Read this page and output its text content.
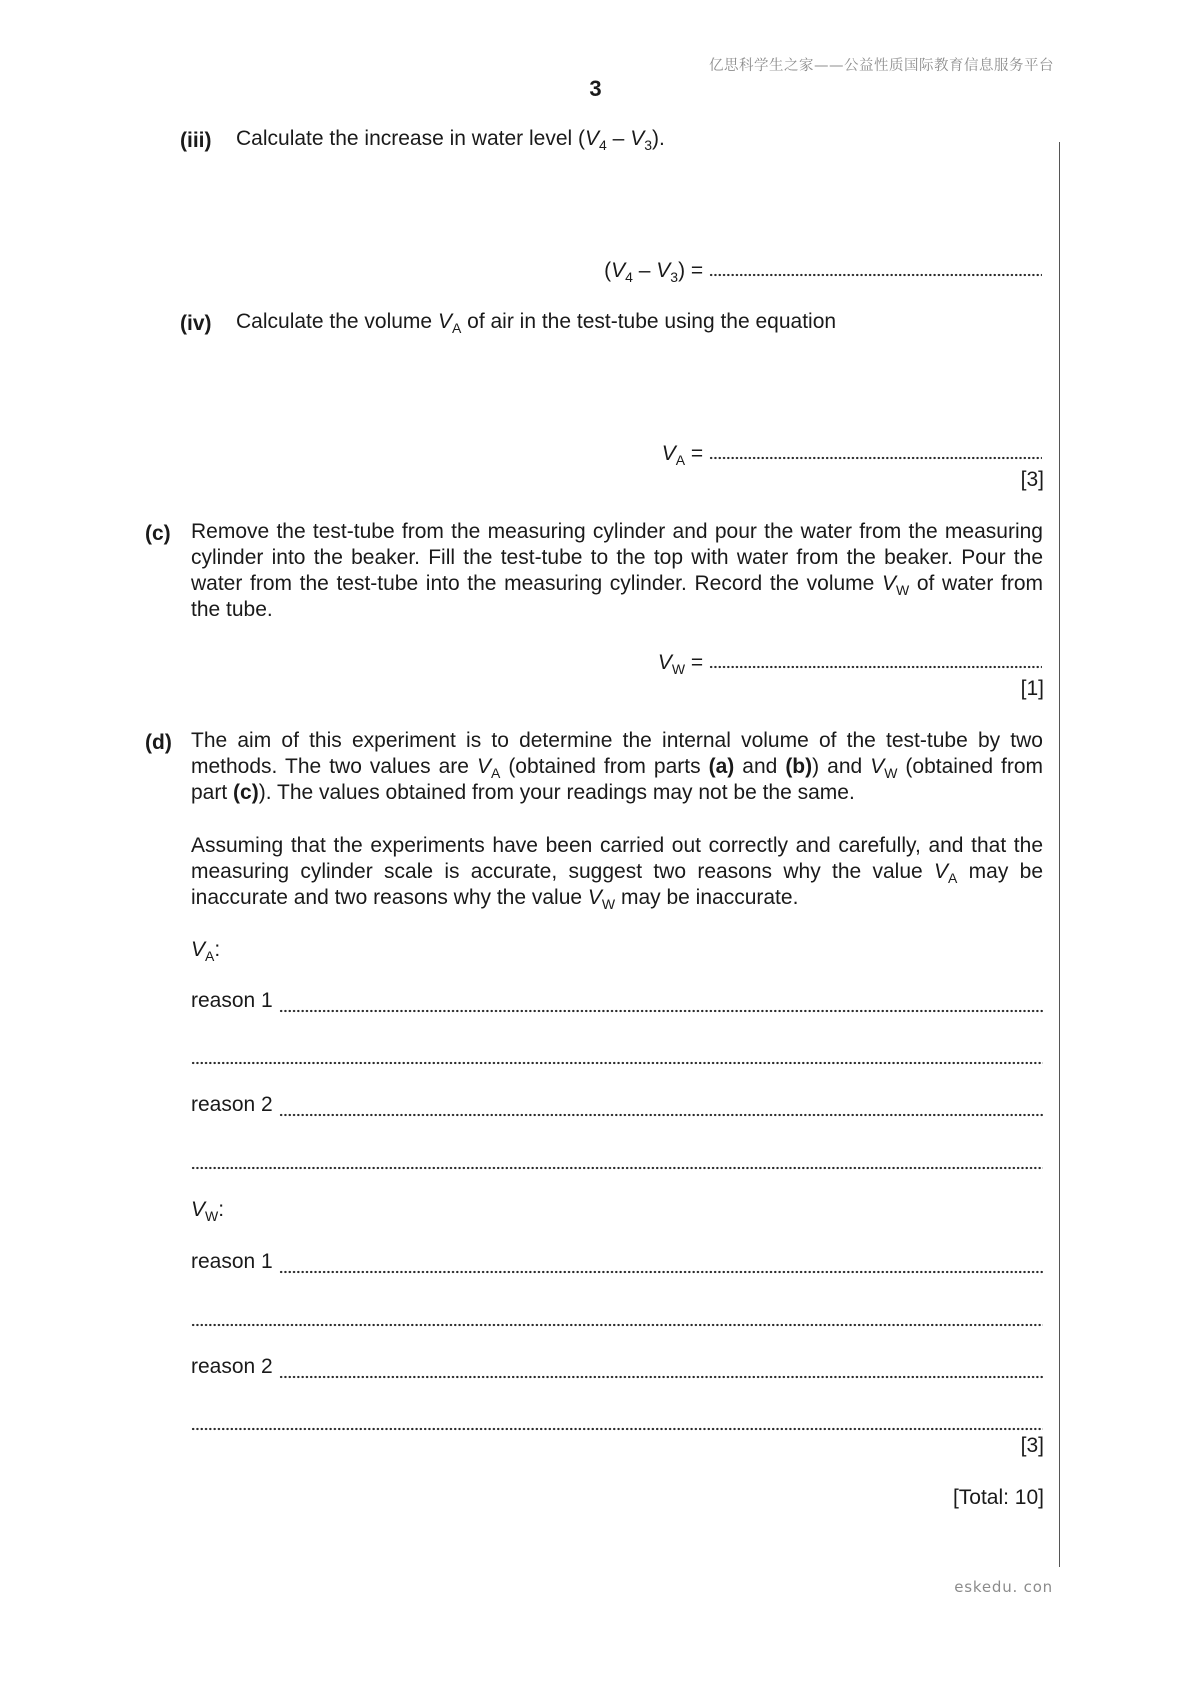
亿思科学生之家——公益性质国际教育信息服务平台
3
(iii) Calculate the increase in water level $(V_4 - V_3)$.
$(V_4 - V_3)$ =
(iv) Calculate the volume $V_A$ of air in the test-tube using the equation
$V_A$ =
[3]
(c) Remove the test-tube from the measuring cylinder and pour the water from the measuring cylinder into the beaker. Fill the test-tube to the top with water from the beaker. Pour the water from the test-tube into the measuring cylinder. Record the volume $V_W$ of water from the tube.
$V_W$ =
[1]
(d) The aim of this experiment is to determine the internal volume of the test-tube by two methods. The two values are $V_A$ (obtained from parts (a) and (b)) and $V_W$ (obtained from part (c)). The values obtained from your readings may not be the same.
Assuming that the experiments have been carried out correctly and carefully, and that the measuring cylinder scale is accurate, suggest two reasons why the value $V_A$ may be inaccurate and two reasons why the value $V_W$ may be inaccurate.
$V_A$:
reason 1
reason 2
$V_W$:
reason 1
reason 2
[3]
[Total: 10]
eskedu. con
